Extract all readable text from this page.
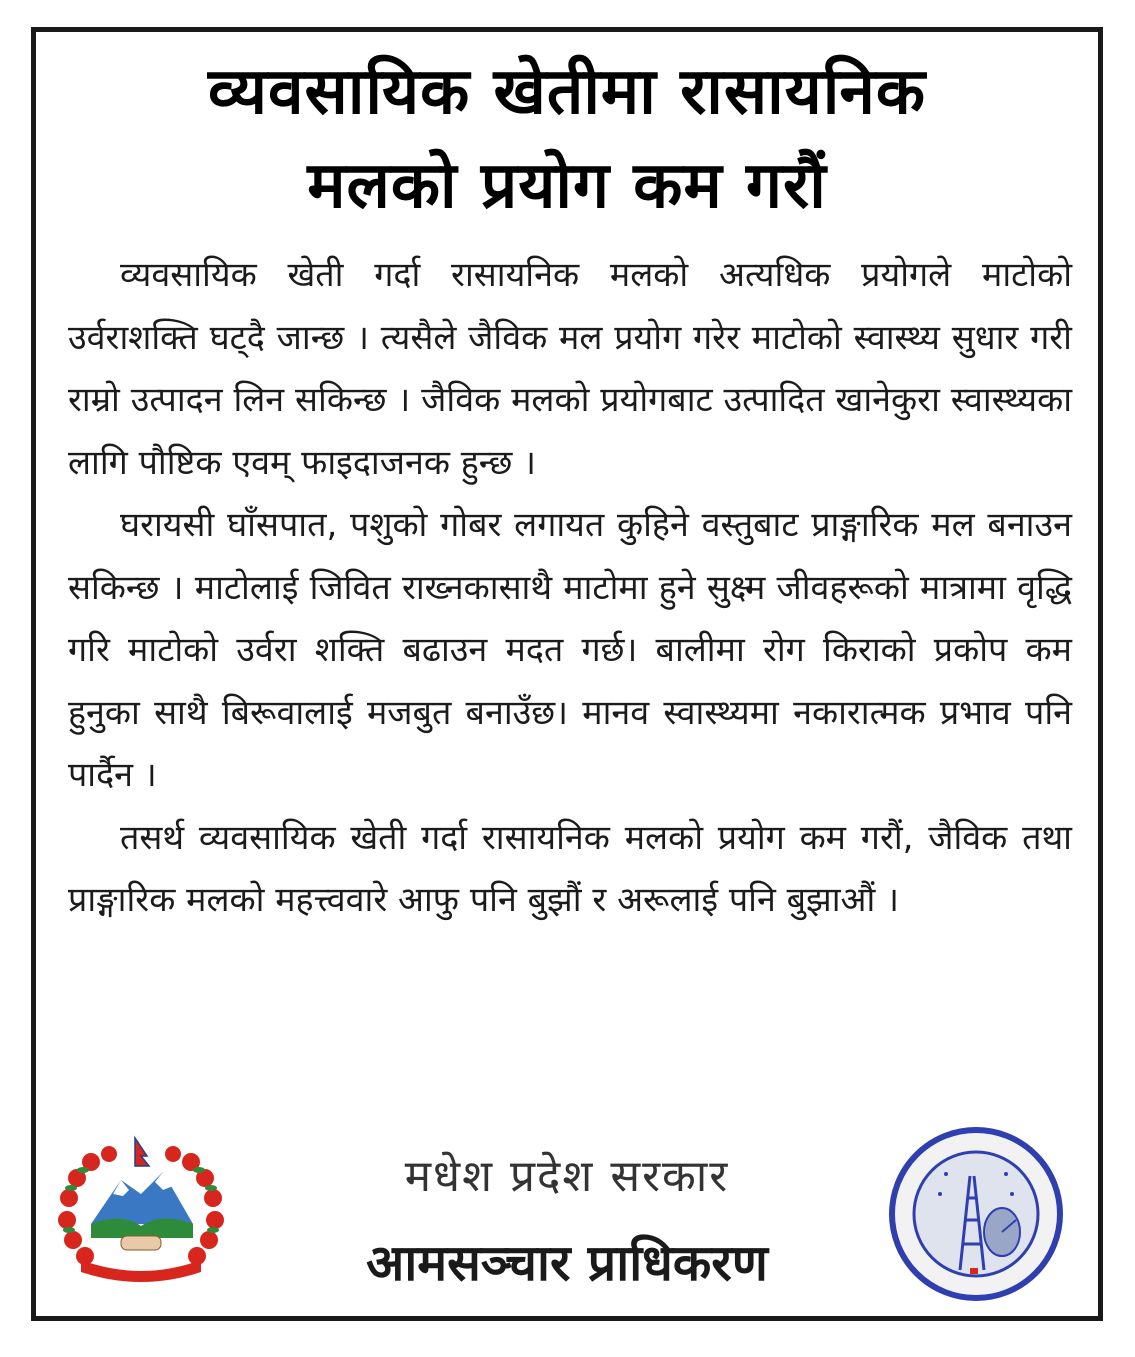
व्यवसायिक खेतीमा रासायनिक
मलको प्रयोग कम गरौं

व्यवसायिक खेती गर्दा रासायनिक मलको अत्यधिक प्रयोगले माटोको उर्वराशक्ति घट्‍दै जान्छ । त्यसैले जैविक मल प्रयोग गरेर माटोको स्वास्थ्य सुधार गरी राम्रो उत्पादन लिन सकिन्छ । जैविक मलको प्रयोगबाट उत्पादित खानेकुरा स्वास्थ्यका लागि पौष्टिक एवम् फाइदाजनक हुन्छ ।

घरायसी घाँसपात, पशुको गोबर लगायत कुहिने वस्तुबाट प्राङ्गारिक मल बनाउन सकिन्छ । माटोलाई जिवित राख्नकासाथै माटोमा हुने सुक्ष्म जीवहरूको मात्रामा वृद्धि गरि माटोको उर्वरा शक्ति बढाउन मदत गर्छ। बालीमा रोग किराको प्रकोप कम हुनुका साथै बिरूवालाई मजबुत बनाउँछ। मानव स्वास्थ्यमा नकारात्मक प्रभाव पनि पार्दैन ।

तसर्थ व्यवसायिक खेती गर्दा रासायनिक मलको प्रयोग कम गरौं, जैविक तथा प्राङ्गारिक मलको महत्त्ववारे आफु पनि बुझौं र अरूलाई पनि बुझाऔं ।

मधेश प्रदेश सरकार
आमसञ्चार प्राधिकरण
